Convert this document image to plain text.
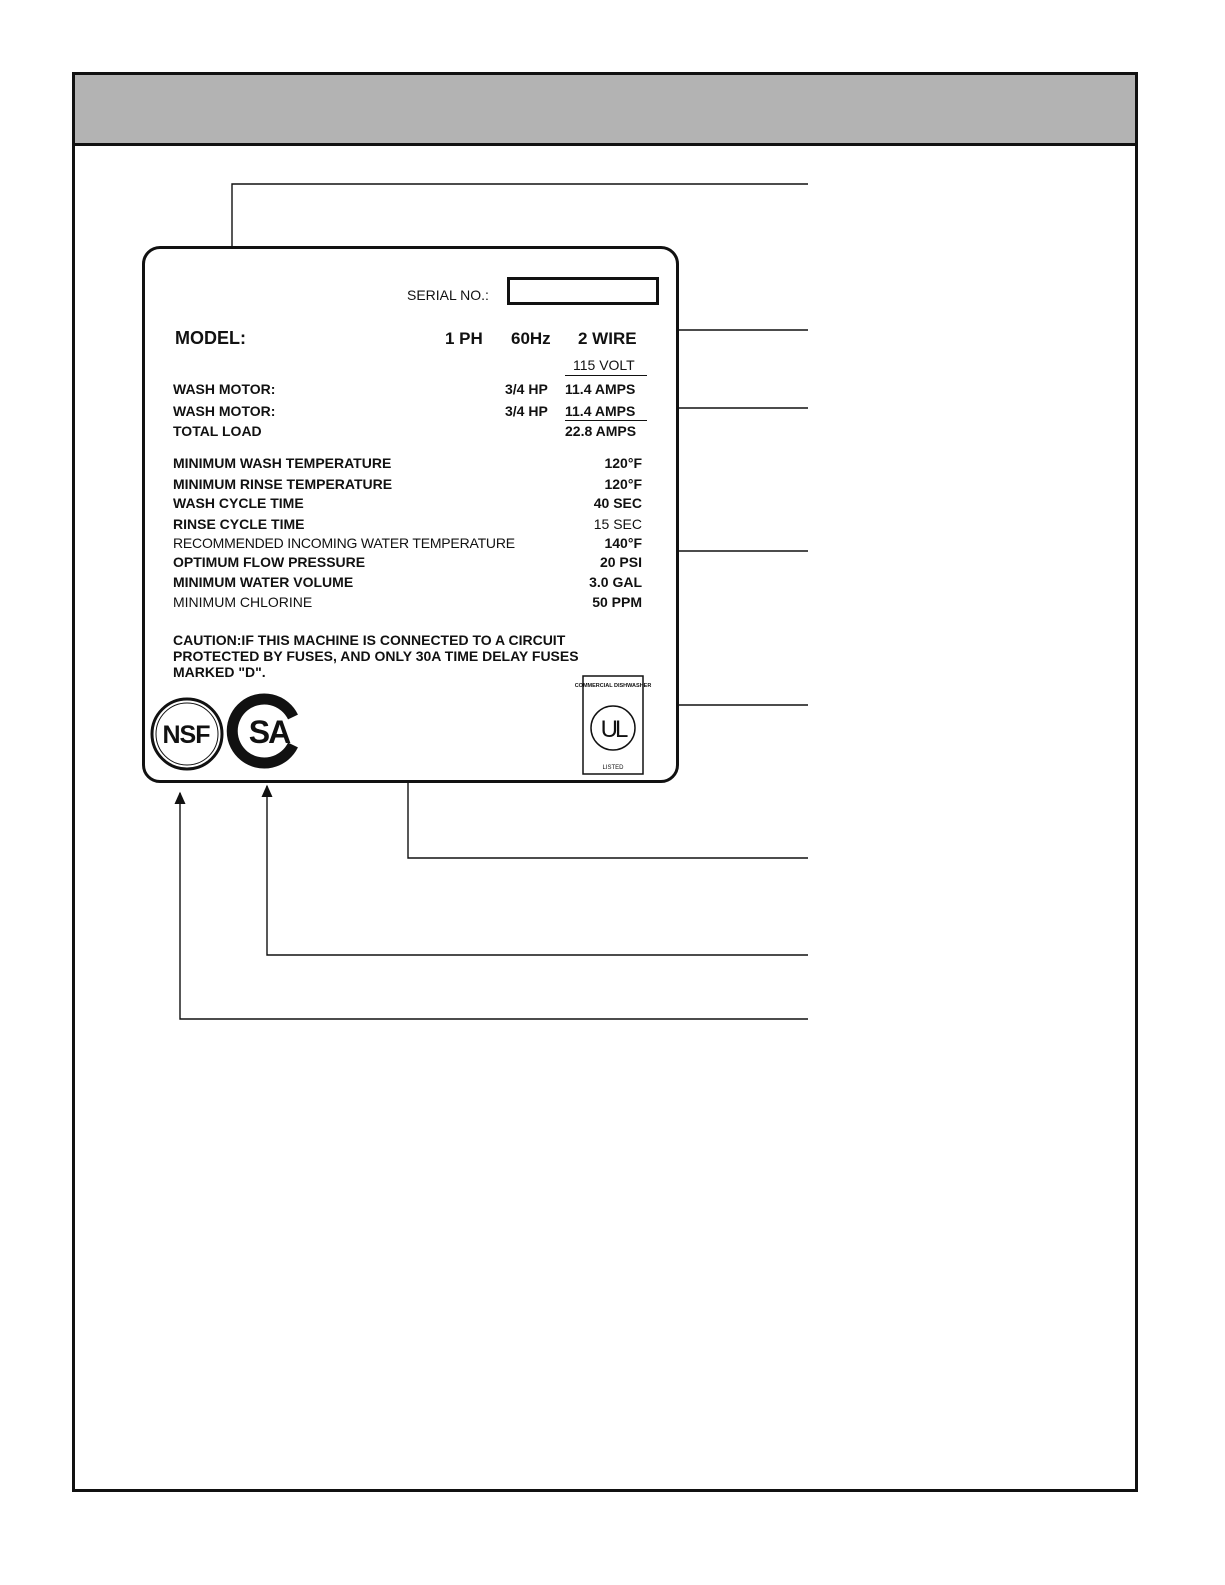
SERIAL NO.:
MODEL:	1 PH 60Hz 2 WIRE
115 VOLT
WASH MOTOR:	3/4 HP 11.4 AMPS
WASH MOTOR:	3/4 HP 11.4 AMPS
TOTAL LOAD	22.8 AMPS
MINIMUM WASH TEMPERATURE	120°F
MINIMUM RINSE TEMPERATURE	120°F
WASH CYCLE TIME	40 SEC
RINSE CYCLE TIME	15 SEC
RECOMMENDED INCOMING WATER TEMPERATURE	140°F
OPTIMUM FLOW PRESSURE	20 PSI
MINIMUM WATER VOLUME	3.0 GAL
MINIMUM CHLORINE	50 PPM
CAUTION:IF THIS MACHINE IS CONNECTED TO A CIRCUIT
PROTECTED BY FUSES, AND ONLY 30A TIME DELAY FUSES
MARKED "D".
NSF SA
COMMERCIAL DISHWASHER
UL
LISTED
